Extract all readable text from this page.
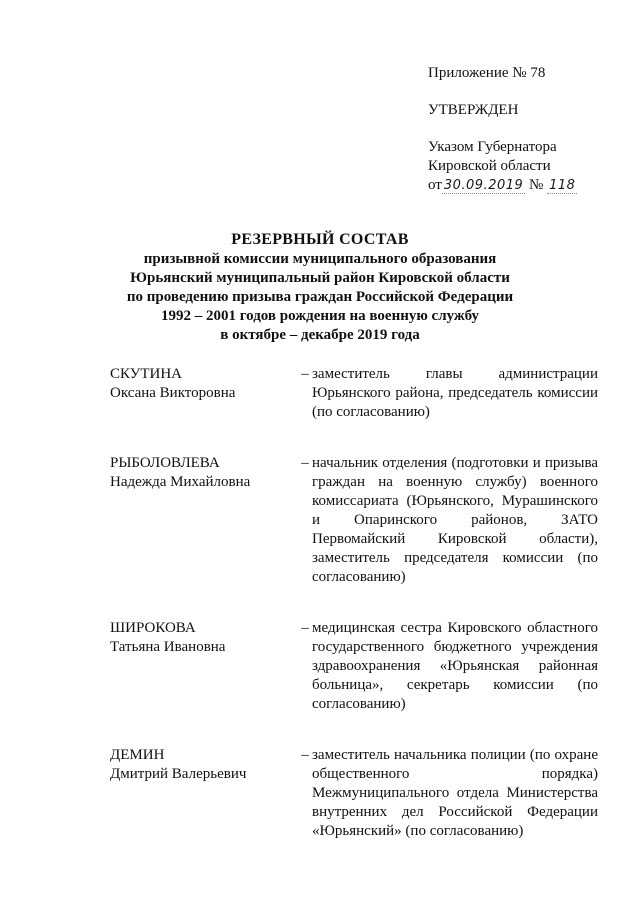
Приложение № 78
УТВЕРЖДЕН
Указом Губернатора
Кировской области
от 30.09.2019 № 118
РЕЗЕРВНЫЙ СОСТАВ
призывной комиссии муниципального образования
Юрьянский муниципальный район Кировской области
по проведению призыва граждан Российской Федерации
1992 – 2001 годов рождения на военную службу
в октябре – декабре 2019 года
СКУТИНА
Оксана Викторовна
– заместитель главы администрации Юрьянского района, председатель комиссии (по согласованию)
РЫБОЛОВЛЕВА
Надежда Михайловна
– начальник отделения (подготовки и призыва граждан на военную службу) военного комиссариата (Юрьянского, Мурашинского и Опаринского районов, ЗАТО Первомайский Кировской области), заместитель председателя комиссии (по согласованию)
ШИРОКОВА
Татьяна Ивановна
– медицинская сестра Кировского областного государственного бюджетного учреждения здравоохранения «Юрьянская районная больница», секретарь комиссии (по согласованию)
ДЕМИН
Дмитрий Валерьевич
– заместитель начальника полиции (по охране общественного порядка) Межмуниципального отдела Министерства внутренних дел Российской Федерации «Юрьянский» (по согласованию)
